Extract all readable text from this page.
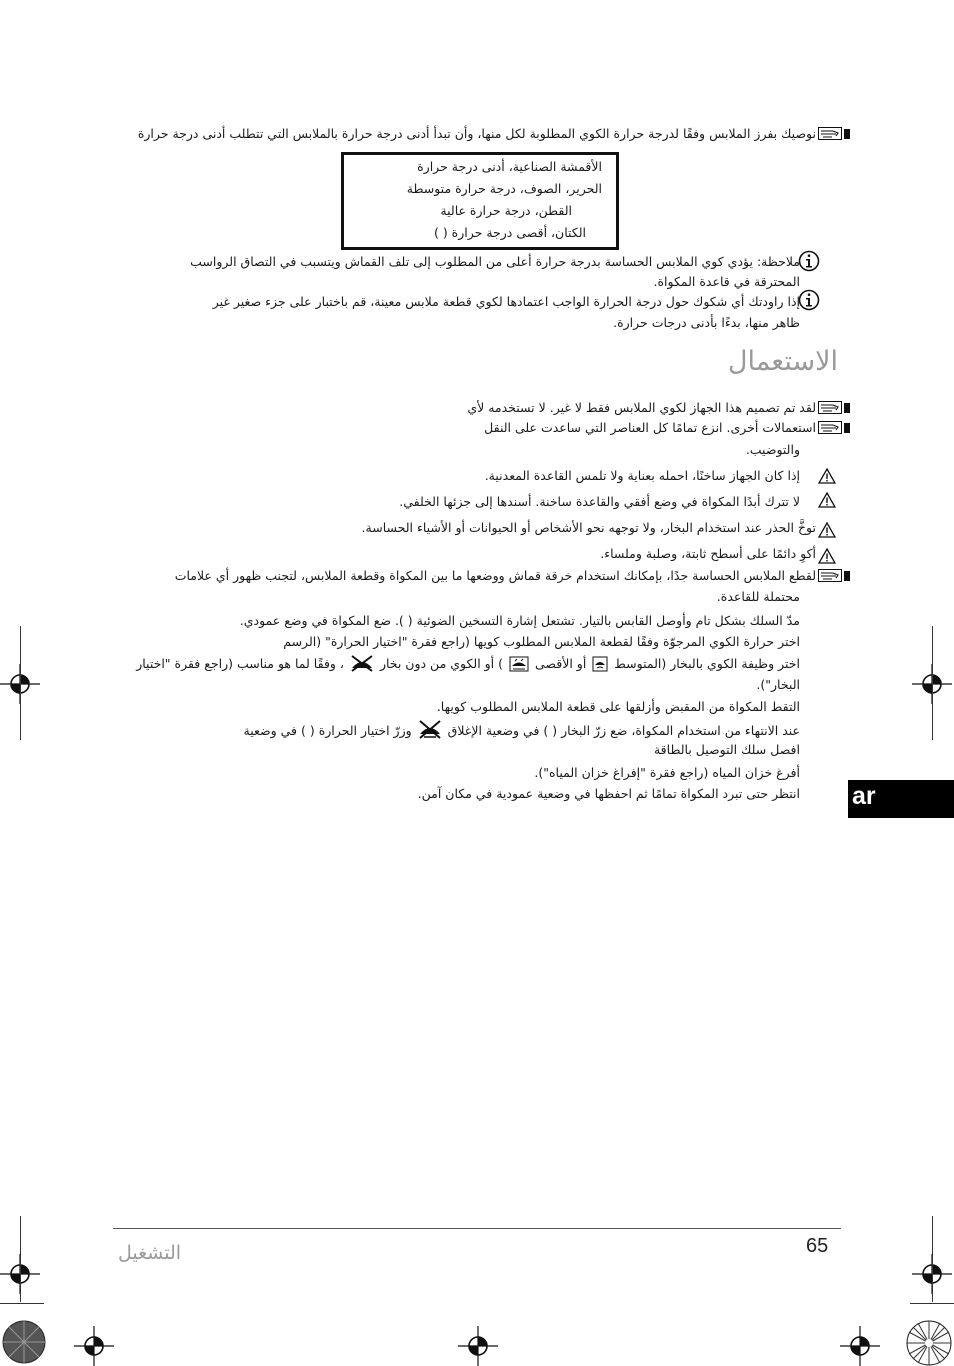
نوصيك بفرز الملابس وفقًا لدرجة حرارة الكوي المطلوبة لكل منها، وأن تبدأ أدنى درجة حرارة بالملابس التي تتطلب أدنى درجة حرارة
الأقمشة الصناعية، أدنى درجة حرارة
الحرير، الصوف، درجة حرارة متوسطة
القطن، درجة حرارة عالية
الكتان، أقصى درجة حرارة ( )
ملاحظة: يؤدي كوي الملابس الحساسة بدرجة حرارة أعلى من المطلوب إلى تلف القماش ويتسبب في التصاق الرواسب
المحترقة في قاعدة المكواة.
إذا راودتك أي شكوك حول درجة الحرارة الواجب اعتمادها لكوي قطعة ملابس معينة، قم باختبار على جزء صغير غير
ظاهر منها، بدءًا بأدنى درجات حرارة.
الاستعمال
لقد تم تصميم هذا الجهاز لكوي الملابس فقط لا غير. لا تستخدمه لأي
استعمالات أخرى. انزع تمامًا كل العناصر التي ساعدت على النقل
والتوضيب.
إذا كان الجهاز ساخنًا، احمله بعناية ولا تلمس القاعدة المعدنية.
لا تترك أبدًا المكواة في وضع أفقي والقاعدة ساخنة. أسندها إلى جزئها الخلفي.
توخَّ الحذر عند استخدام البخار، ولا توجهه نحو الأشخاص أو الحيوانات أو الأشياء الحساسة.
أكوِ دائمًا على أسطح ثابتة، وصلبة وملساء.
لقطع الملابس الحساسة جدًا، بإمكانك استخدام خرقة قماش ووضعها ما بين المكواة وقطعة الملابس، لتجنب ظهور أي علامات
محتملة للقاعدة.
مدّ السلك بشكل تام وأوصل القابس بالتيار. تشتعل إشارة التسخين الضوئية ( ). ضع المكواة في وضع عمودي.
اختر حرارة الكوي المرجوّة وفقًا لقطعة الملابس المطلوب كويها (راجع فقرة "اختيار الحرارة" (الرسم
اختر وظيفة الكوي بالبخار (المتوسط  أو الأقصى  ) أو الكوي من دون بخار  ، وفقًا لما هو مناسب (راجع فقرة "اختيار
البخار").
التقط المكواة من المقبض وأزلقها على قطعة الملابس المطلوب كويها.
عند الانتهاء من استخدام المكواة، ضع زرّ البخار ( ) في وضعية الإغلاق  وزرّ اختيار الحرارة ( ) في وضعية
افصل سلك التوصيل بالطاقة
أفرغ خزان المياه (راجع فقرة "إفراغ خزان المياه").
انتظر حتى تبرد المكواة تمامًا ثم احفظها في وضعية عمودية في مكان آمن. ar
65
التشغيل
